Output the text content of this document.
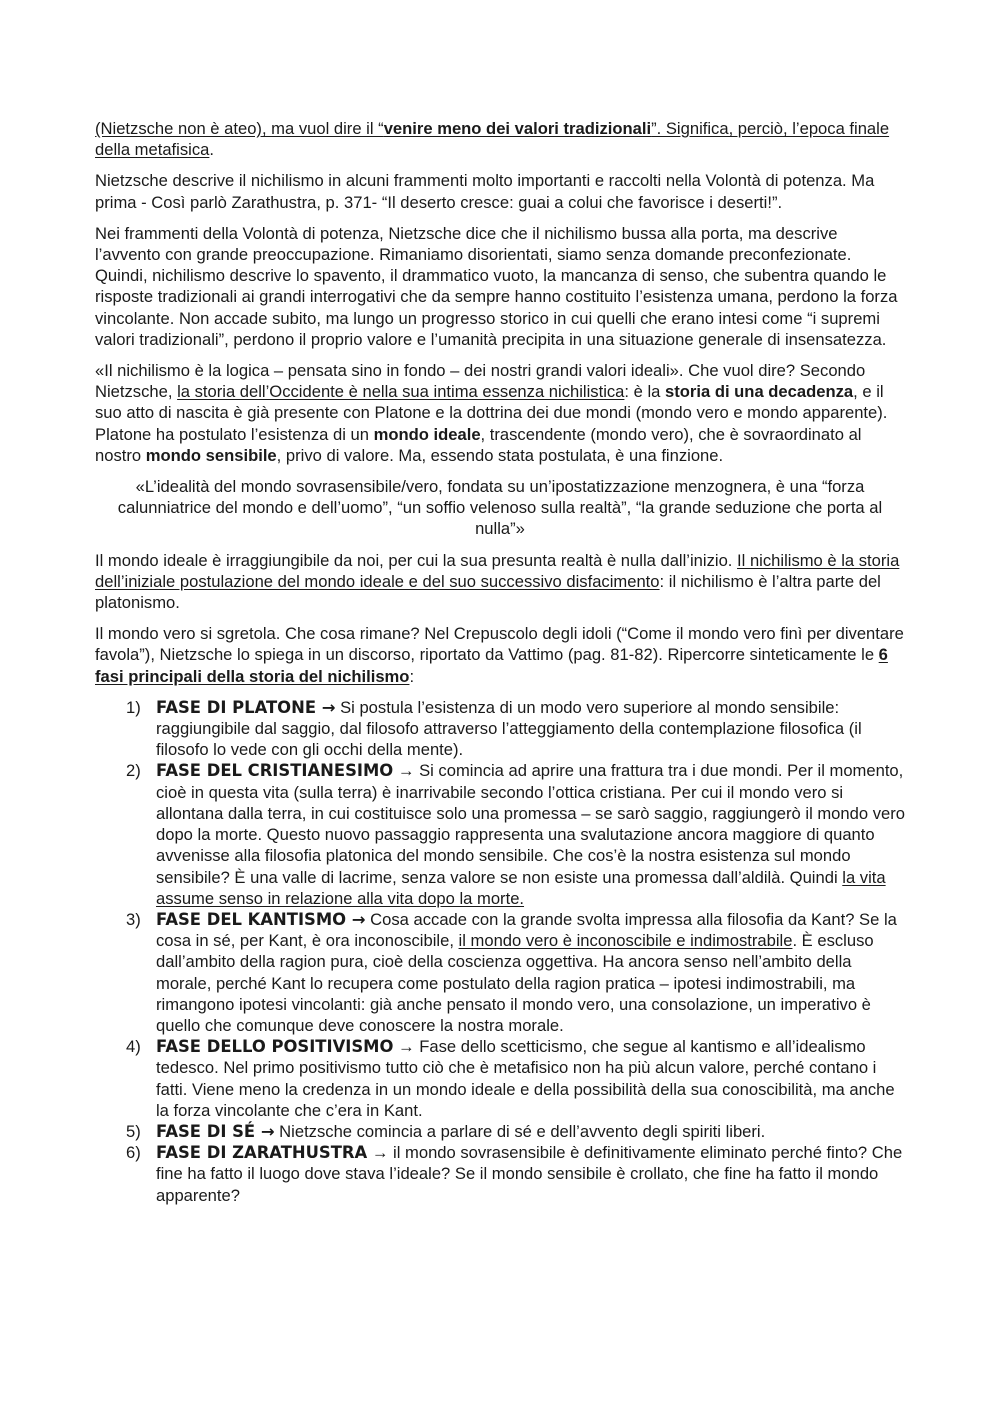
(Nietzsche non è ateo), ma vuol dire il “venire meno dei valori tradizionali”. Significa, perciò, l’epoca finale della metafisica.

Nietzsche descrive il nichilismo in alcuni frammenti molto importanti e raccolti nella Volontà di potenza. Ma prima - Così parlò Zarathustra, p. 371- “Il deserto cresce: guai a colui che favorisce i deserti!”.

Nei frammenti della Volontà di potenza, Nietzsche dice che il nichilismo bussa alla porta, ma descrive l’avvento con grande preoccupazione. Rimaniamo disorientati, siamo senza domande preconfezionate. Quindi, nichilismo descrive lo spavento, il drammatico vuoto, la mancanza di senso, che subentra quando le risposte tradizionali ai grandi interrogativi che da sempre hanno costituito l’esistenza umana, perdono la forza vincolante. Non accade subito, ma lungo un progresso storico in cui quelli che erano intesi come “i supremi valori tradizionali”, perdono il proprio valore e l’umanità precipita in una situazione generale di insensatezza.

«Il nichilismo è la logica – pensata sino in fondo – dei nostri grandi valori ideali». Che vuol dire? Secondo Nietzsche, la storia dell’Occidente è nella sua intima essenza nichilistica: è la storia di una decadenza, e il suo atto di nascita è già presente con Platone e la dottrina dei due mondi (mondo vero e mondo apparente). Platone ha postulato l’esistenza di un mondo ideale, trascendente (mondo vero), che è sovraordinato al nostro mondo sensibile, privo di valore. Ma, essendo stata postulata, è una finzione.

«L’idealità del mondo sovrasensibile/vero, fondata su un’ipostatizzazione menzognera, è una “forza calunniatrice del mondo e dell’uomo”, “un soffio velenoso sulla realtà”, “la grande seduzione che porta al nulla”»

Il mondo ideale è irraggiungibile da noi, per cui la sua presunta realtà è nulla dall’inizio. Il nichilismo è la storia dell’iniziale postulazione del mondo ideale e del suo successivo disfacimento: il nichilismo è l’altra parte del platonismo.

Il mondo vero si sgretola. Che cosa rimane? Nel Crepuscolo degli idoli (“Come il mondo vero finì per diventare favola”), Nietzsche lo spiega in un discorso, riportato da Vattimo (pag. 81-82). Ripercorre sinteticamente le 6 fasi principali della storia del nichilismo:

1) FASE DI PLATONE → Si postula l’esistenza di un modo vero superiore al mondo sensibile: raggiungibile dal saggio, dal filosofo attraverso l’atteggiamento della contemplazione filosofica (il filosofo lo vede con gli occhi della mente).
2) FASE DEL CRISTIANESIMO → Si comincia ad aprire una frattura tra i due mondi. Per il momento, cioè in questa vita (sulla terra) è inarrivabile secondo l’ottica cristiana. Per cui il mondo vero si allontana dalla terra, in cui costituisce solo una promessa – se sarò saggio, raggiungerò il mondo vero dopo la morte. Questo nuovo passaggio rappresenta una svalutazione ancora maggiore di quanto avvenisse alla filosofia platonica del mondo sensibile. Che cos’è la nostra esistenza sul mondo sensibile? È una valle di lacrime, senza valore se non esiste una promessa dall’aldilà. Quindi la vita assume senso in relazione alla vita dopo la morte.
3) FASE DEL KANTISMO → Cosa accade con la grande svolta impressa alla filosofia da Kant? Se la cosa in sé, per Kant, è ora inconoscibile, il mondo vero è inconoscibile e indimostrabile. È escluso dall’ambito della ragion pura, cioè della coscienza oggettiva. Ha ancora senso nell’ambito della morale, perché Kant lo recupera come postulato della ragion pratica – ipotesi indimostrabili, ma rimangono ipotesi vincolanti: già anche pensato il mondo vero, una consolazione, un imperativo è quello che comunque deve conoscere la nostra morale.
4) FASE DELLO POSITIVISMO → Fase dello scetticismo, che segue al kantismo e all’idealismo tedesco. Nel primo positivismo tutto ciò che è metafisico non ha più alcun valore, perché contano i fatti. Viene meno la credenza in un mondo ideale e della possibilità della sua conoscibilità, ma anche la forza vincolante che c’era in Kant.
5) FASE DI SÉ → Nietzsche comincia a parlare di sé e dell’avvento degli spiriti liberi.
6) FASE DI ZARATHUSTRA → il mondo sovrasensibile è definitivamente eliminato perché finto? Che fine ha fatto il luogo dove stava l’ideale? Se il mondo sensibile è crollato, che fine ha fatto il mondo apparente?
